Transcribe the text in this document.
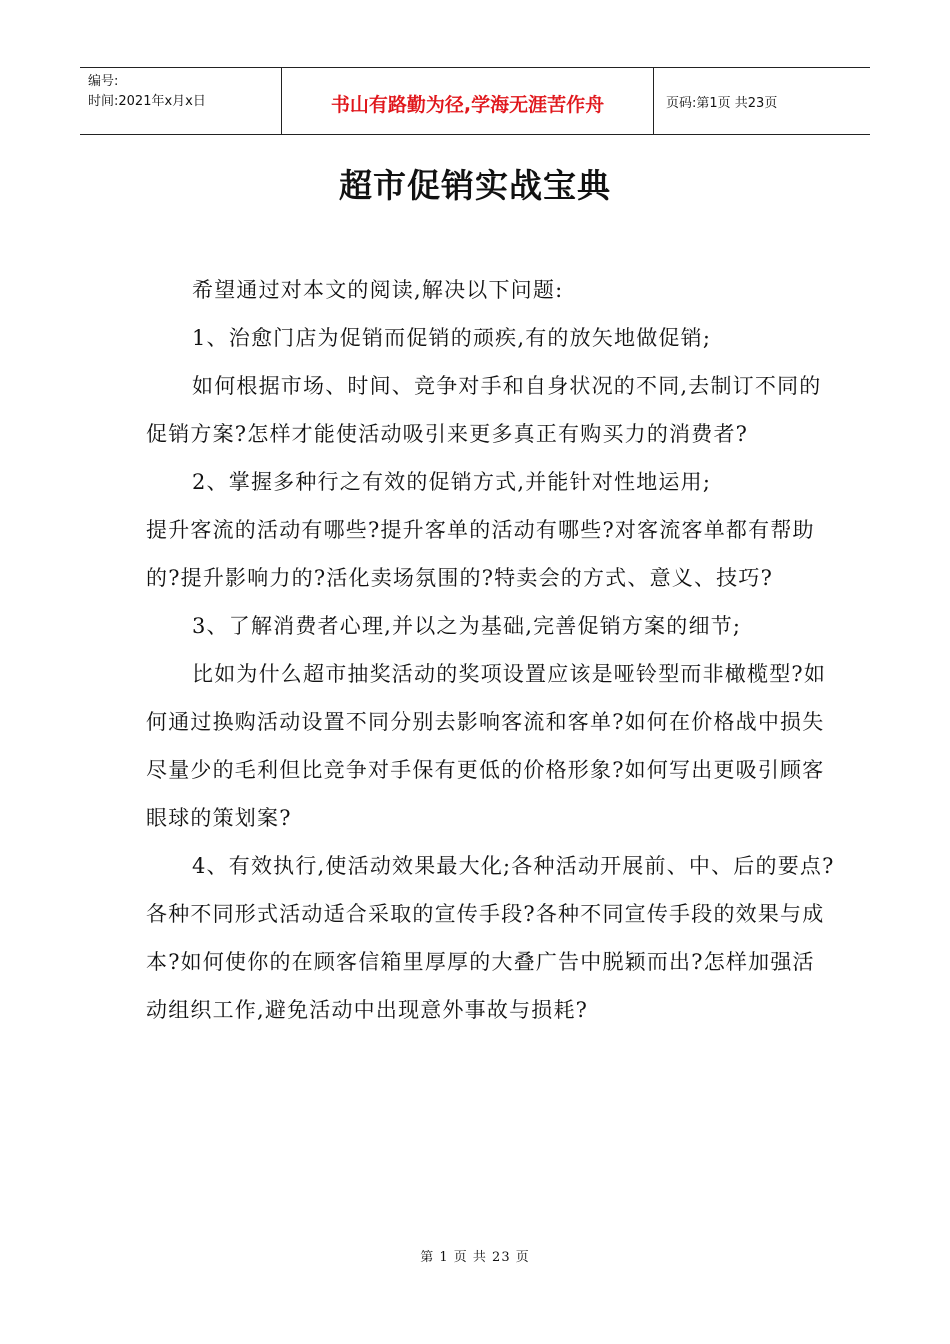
编号:
时间:2021年x月x日	书山有路勤为径,学海无涯苦作舟	页码:第1页 共23页
超市促销实战宝典

希望通过对本文的阅读,解决以下问题:

1、治愈门店为促销而促销的顽疾,有的放矢地做促销;

如何根据市场、时间、竞争对手和自身状况的不同,去制订不同的促销方案?怎样才能使活动吸引来更多真正有购买力的消费者?

2、掌握多种行之有效的促销方式,并能针对性地运用;

提升客流的活动有哪些?提升客单的活动有哪些?对客流客单都有帮助的?提升影响力的?活化卖场氛围的?特卖会的方式、意义、技巧?

3、了解消费者心理,并以之为基础,完善促销方案的细节;

比如为什么超市抽奖活动的奖项设置应该是哑铃型而非橄榄型?如何通过换购活动设置不同分别去影响客流和客单?如何在价格战中损失尽量少的毛利但比竞争对手保有更低的价格形象?如何写出更吸引顾客眼球的策划案?

4、有效执行,使活动效果最大化;各种活动开展前、中、后的要点?各种不同形式活动适合采取的宣传手段?各种不同宣传手段的效果与成本?如何使你的在顾客信箱里厚厚的大叠广告中脱颖而出?怎样加强活动组织工作,避免活动中出现意外事故与损耗?

第 1 页 共 23 页
